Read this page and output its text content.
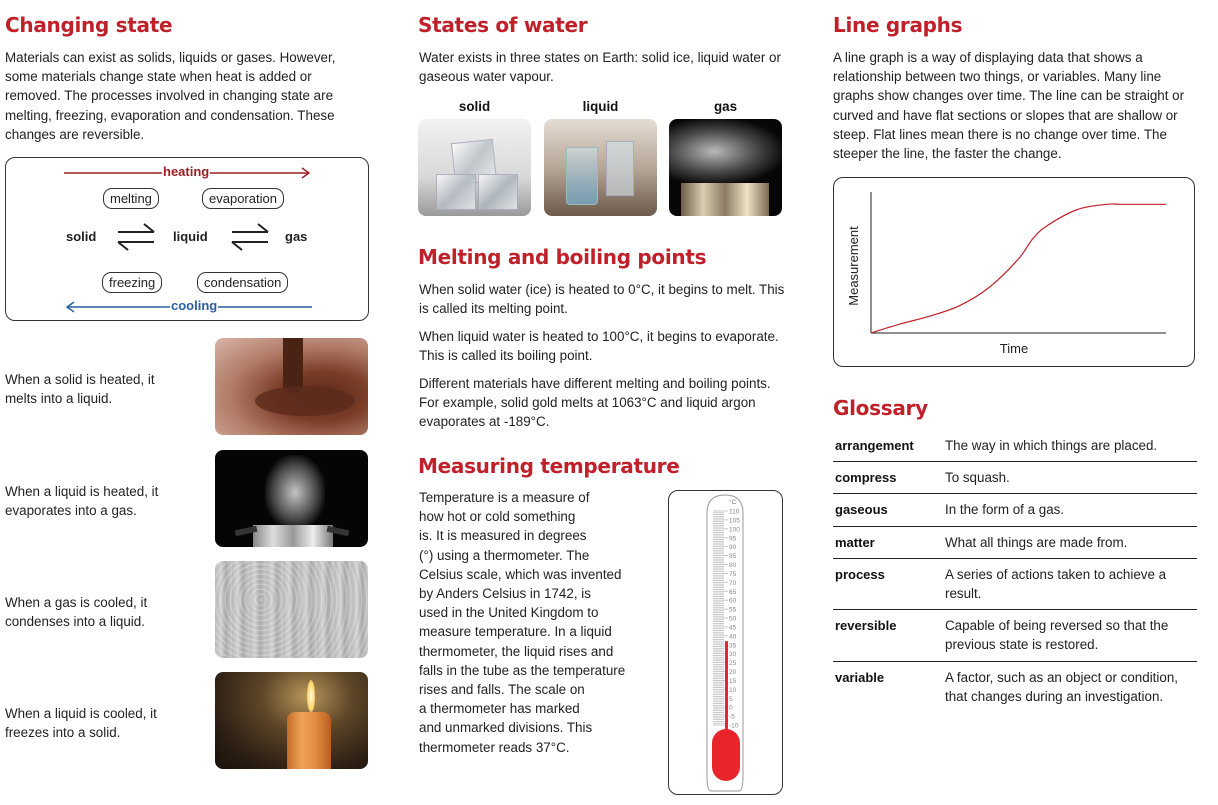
Changing state

Materials can exist as solids, liquids or gases. However, some materials change state when heat is added or removed. The processes involved in changing state are melting, freezing, evaporation and condensation. These changes are reversible.

heating
melting	evaporation
solid ⇌ liquid ⇌ gas
freezing	condensation
cooling

When a solid is heated, it melts into a liquid.

When a liquid is heated, it evaporates into a gas.

When a gas is cooled, it condenses into a liquid.

When a liquid is cooled, it freezes into a solid.

States of water

Water exists in three states on Earth: solid ice, liquid water or gaseous water vapour.

solid	liquid	gas
Melting and boiling points

When solid water (ice) is heated to 0°C, it begins to melt. This is called its melting point.

When liquid water is heated to 100°C, it begins to evaporate. This is called its boiling point.

Different materials have different melting and boiling points. For example, solid gold melts at 1063°C and liquid argon evaporates at -189°C.

Measuring temperature

Temperature is a measure of

how hot or cold something

is. It is measured in degrees

(°) using a thermometer. The

Celsius scale, which was invented

by Anders Celsius in 1742, is

used in the United Kingdom to

measure temperature. In a liquid

thermometer, the liquid rises and

falls in the tube as the temperature

rises and falls. The scale on

a thermometer has marked

and unmarked divisions. This

thermometer reads 37°C.

°C
110
105
100
95
90
85
80
75
70
65
60
55
50
45
40
35
30
25
20
15
10
5
0
-5
-10
Line graphs

A line graph is a way of displaying data that shows a relationship between two things, or variables. Many line graphs show changes over time. The line can be straight or curved and have flat sections or slopes that are shallow or steep. Flat lines mean there is no change over time. The steeper the line, the faster the change.

Measurement
Time
Glossary
arrangement	The way in which things are placed.
compress	To squash.
gaseous	In the form of a gas.
matter	What all things are made from.
process	A series of actions taken to achieve a result.
reversible	Capable of being reversed so that the previous state is restored.
variable	A factor, such as an object or condition, that changes during an investigation.
